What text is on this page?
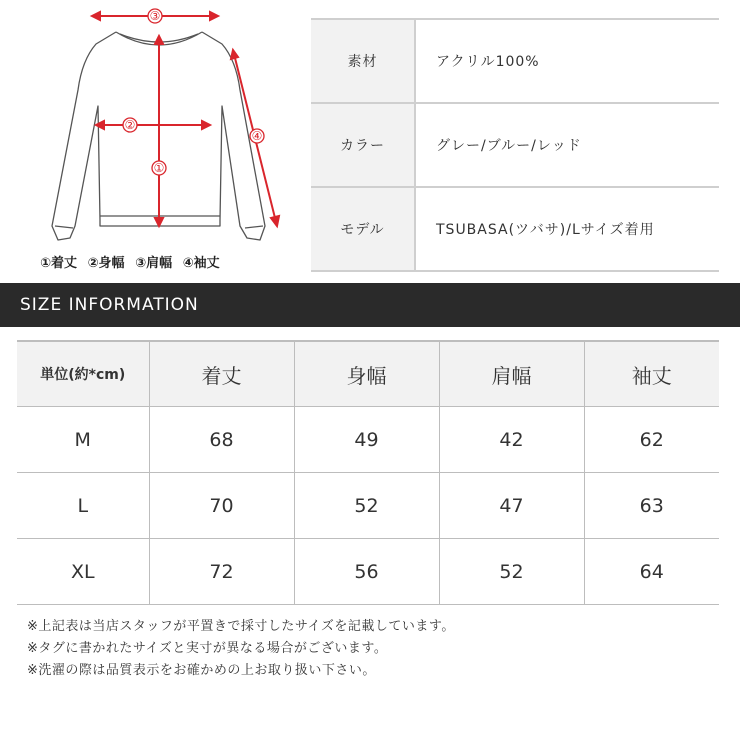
③
②
①
④
①着丈 ②身幅 ③肩幅 ④袖丈
素材	アクリル100%
カラー	グレー/ブルー/レッド
モデル	TSUBASA(ツバサ)/Lサイズ着用
SIZE INFORMATION
単位(約*cm)	着丈	身幅	肩幅	袖丈
M	68	49	42	62
L	70	52	47	63
XL	72	56	52	64
※上記表は当店スタッフが平置きで採寸したサイズを記載しています。
※タグに書かれたサイズと実寸が異なる場合がございます。
※洗濯の際は品質表示をお確かめの上お取り扱い下さい。
